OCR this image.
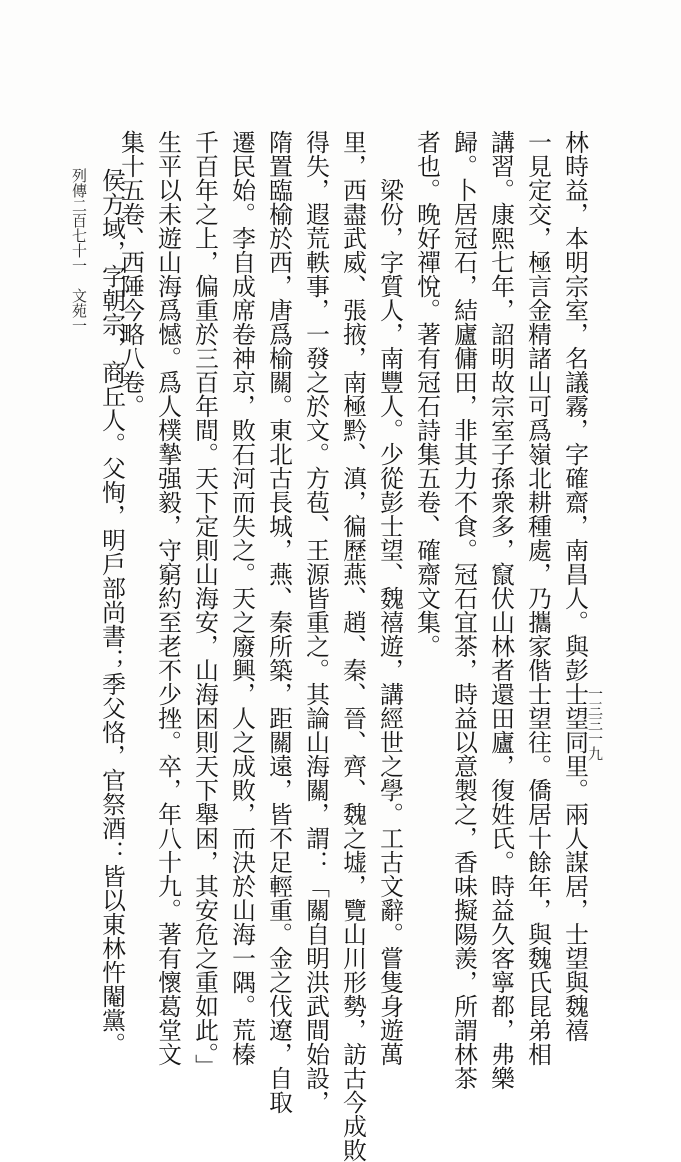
列傳二百七十一　文苑一
一三三一九
林時益，本明宗室，名議霧，字確齋，南昌人。與彭士望同里。兩人謀居，士望與魏禧
一見定交，極言金精諸山可爲嶺北耕種處，乃攜家偕士望往。僑居十餘年，與魏氏昆弟相
講習。康熙七年，詔明故宗室子孫衆多，竄伏山林者還田廬，復姓氏。時益久客寧都，弗樂
歸。卜居冠石，結廬傭田，非其力不食。冠石宜茶，時益以意製之，香味擬陽羨，所謂林茶
者也。晚好禪悅。著有冠石詩集五卷、確齋文集。
梁份，字質人，南豐人。少從彭士望、魏禧遊，講經世之學。工古文辭。嘗隻身遊萬
里，西盡武威、張掖，南極黔、滇，徧歷燕、趙、秦、晉、齊、魏之墟，覽山川形勢，訪古今成敗
得失，遐荒軼事，一發之於文。方苞、王源皆重之。其論山海關，謂：「關自明洪武間始設，
隋置臨榆於西，唐爲榆關。東北古長城，燕、秦所築，距關遠，皆不足輕重。金之伐遼，自取
遷民始。李自成席卷神京，敗石河而失之。天之廢興，人之成敗，而決於山海一隅。荒榛
千百年之上，偏重於三百年間。天下定則山海安，山海困則天下舉困，其安危之重如此。」
生平以未遊山海爲憾。爲人樸摯强毅，守窮約至老不少挫。卒，年八十九。著有懷葛堂文
集十五卷、西陲今略八卷。
侯方域，字朝宗，商丘人。父恂，明戶部尚書；季父恪，官祭酒：皆以東林忤閹黨。
